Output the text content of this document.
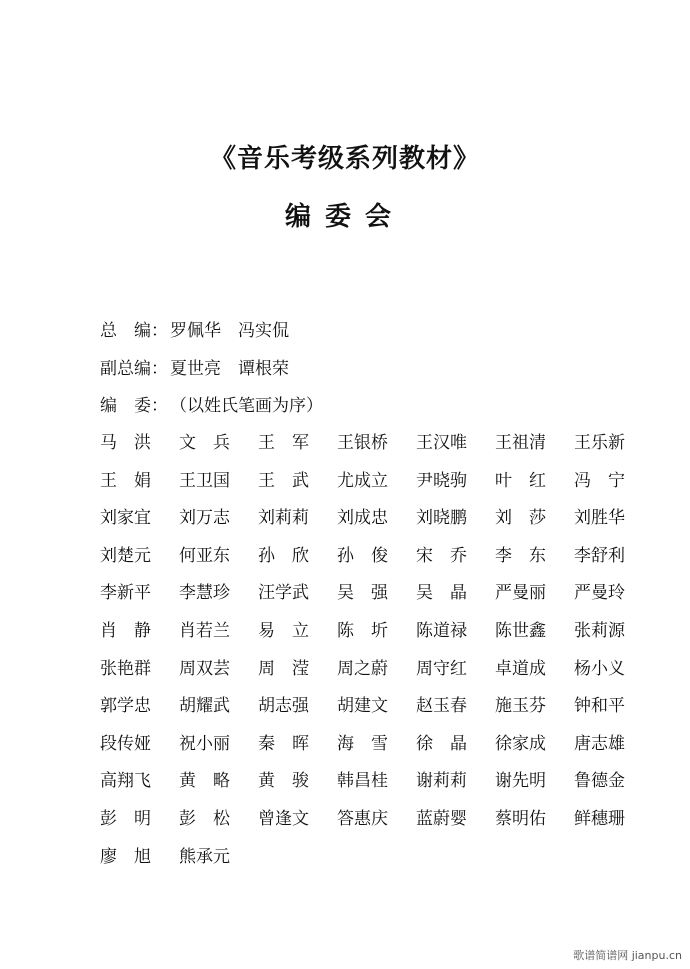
《音乐考级系列教材》
编委会
总　编： 罗佩华　冯实侃
副总编： 夏世亮　谭根荣
编　委： （以姓氏笔画为序）
马　洪	文　兵	王　军	王银桥	王汉唯	王祖清	王乐新
王　娟	王卫国	王　武	尤成立	尹晓驹	叶　红	冯　宁
刘家宜	刘万志	刘莉莉	刘成忠	刘晓鹏	刘　莎	刘胜华
刘楚元	何亚东	孙　欣	孙　俊	宋　乔	李　东	李舒利
李新平	李慧珍	汪学武	吴　强	吴　晶	严曼丽	严曼玲
肖　静	肖若兰	易　立	陈　圻	陈道禄	陈世鑫	张莉源
张艳群	周双芸	周　滢	周之蔚	周守红	卓道成	杨小义
郭学忠	胡耀武	胡志强	胡建文	赵玉春	施玉芬	钟和平
段传娅	祝小丽	秦　晖	海　雪	徐　晶	徐家成	唐志雄
高翔飞	黄　略	黄　骏	韩昌桂	谢莉莉	谢先明	鲁德金
彭　明	彭　松	曾逢文	答惠庆	蓝蔚婴	蔡明佑	鲜穗珊
廖　旭	熊承元
歌谱简谱网 jianpu.cn
